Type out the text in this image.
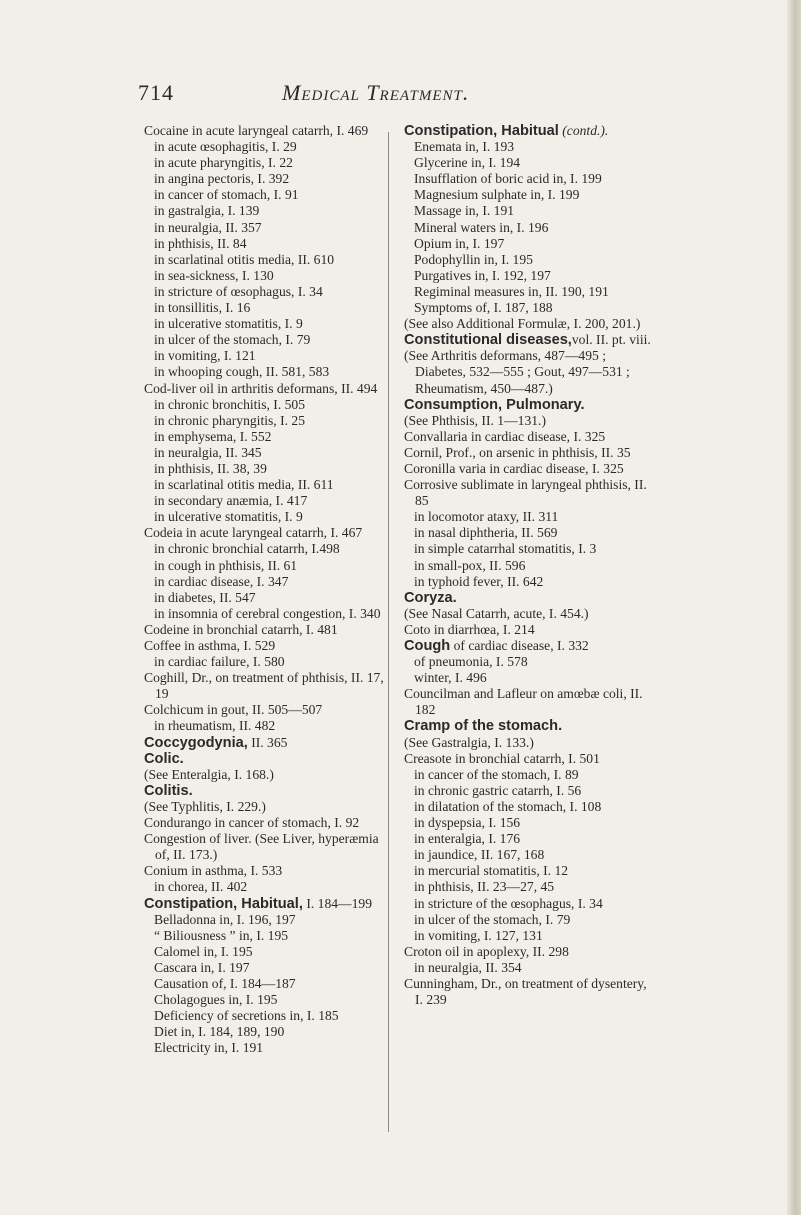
714	Medical Treatment.
Cocaine in acute laryngeal catarrh, I. 469
in acute œsophagitis, I. 29
in acute pharyngitis, I. 22
in angina pectoris, I. 392
in cancer of stomach, I. 91
in gastralgia, I. 139
in neuralgia, II. 357
in phthisis, II. 84
in scarlatinal otitis media, II. 610
in sea-sickness, I. 130
in stricture of œsophagus, I. 34
in tonsillitis, I. 16
in ulcerative stomatitis, I. 9
in ulcer of the stomach, I. 79
in vomiting, I. 121
in whooping cough, II. 581, 583
Cod-liver oil in arthritis deformans, II. 494
in chronic bronchitis, I. 505
in chronic pharyngitis, I. 25
in emphysema, I. 552
in neuralgia, II. 345
in phthisis, II. 38, 39
in scarlatinal otitis media, II. 611
in secondary anæmia, I. 417
in ulcerative stomatitis, I. 9
Codeia in acute laryngeal catarrh, I. 467
in chronic bronchial catarrh, I.498
in cough in phthisis, II. 61
in cardiac disease, I. 347
in diabetes, II. 547
in insomnia of cerebral congestion, I. 340
Codeine in bronchial catarrh, I. 481
Coffee in asthma, I. 529
in cardiac failure, I. 580
Coghill, Dr., on treatment of phthisis, II. 17, 19
Colchicum in gout, II. 505—507
in rheumatism, II. 482
Coccygodynia, II. 365
Colic.
(See Enteralgia, I. 168.)
Colitis.
(See Typhlitis, I. 229.)
Condurango in cancer of stomach, I. 92
Congestion of liver. (See Liver, hyperæmia of, II. 173.)
Conium in asthma, I. 533
in chorea, II. 402
Constipation, Habitual, I. 184—199
Belladonna in, I. 196, 197
“ Biliousness ” in, I. 195
Calomel in, I. 195
Cascara in, I. 197
Causation of, I. 184—187
Cholagogues in, I. 195
Deficiency of secretions in, I. 185
Diet in, I. 184, 189, 190
Electricity in, I. 191
Constipation, Habitual (contd.).
Enemata in, I. 193
Glycerine in, I. 194
Insufflation of boric acid in, I. 199
Magnesium sulphate in, I. 199
Massage in, I. 191
Mineral waters in, I. 196
Opium in, I. 197
Podophyllin in, I. 195
Purgatives in, I. 192, 197
Regiminal measures in, II. 190, 191
Symptoms of, I. 187, 188
(See also Additional Formulæ, I. 200, 201.)
Constitutional diseases,vol. II. pt. viii.
(See Arthritis deformans, 487—495 ; Diabetes, 532—555 ; Gout, 497—531 ; Rheumatism, 450—487.)
Consumption, Pulmonary.
(See Phthisis, II. 1—131.)
Convallaria in cardiac disease, I. 325
Cornil, Prof., on arsenic in phthisis, II. 35
Coronilla varia in cardiac disease, I. 325
Corrosive sublimate in laryngeal phthisis, II. 85
in locomotor ataxy, II. 311
in nasal diphtheria, II. 569
in simple catarrhal stomatitis, I. 3
in small-pox, II. 596
in typhoid fever, II. 642
Coryza.
(See Nasal Catarrh, acute, I. 454.)
Coto in diarrhœa, I. 214
Cough of cardiac disease, I. 332
of pneumonia, I. 578
winter, I. 496
Councilman and Lafleur on amœbæ coli, II. 182
Cramp of the stomach.
(See Gastralgia, I. 133.)
Creasote in bronchial catarrh, I. 501
in cancer of the stomach, I. 89
in chronic gastric catarrh, I. 56
in dilatation of the stomach, I. 108
in dyspepsia, I. 156
in enteralgia, I. 176
in jaundice, II. 167, 168
in mercurial stomatitis, I. 12
in phthisis, II. 23—27, 45
in stricture of the œsophagus, I. 34
in ulcer of the stomach, I. 79
in vomiting, I. 127, 131
Croton oil in apoplexy, II. 298
in neuralgia, II. 354
Cunningham, Dr., on treatment of dysentery, I. 239
